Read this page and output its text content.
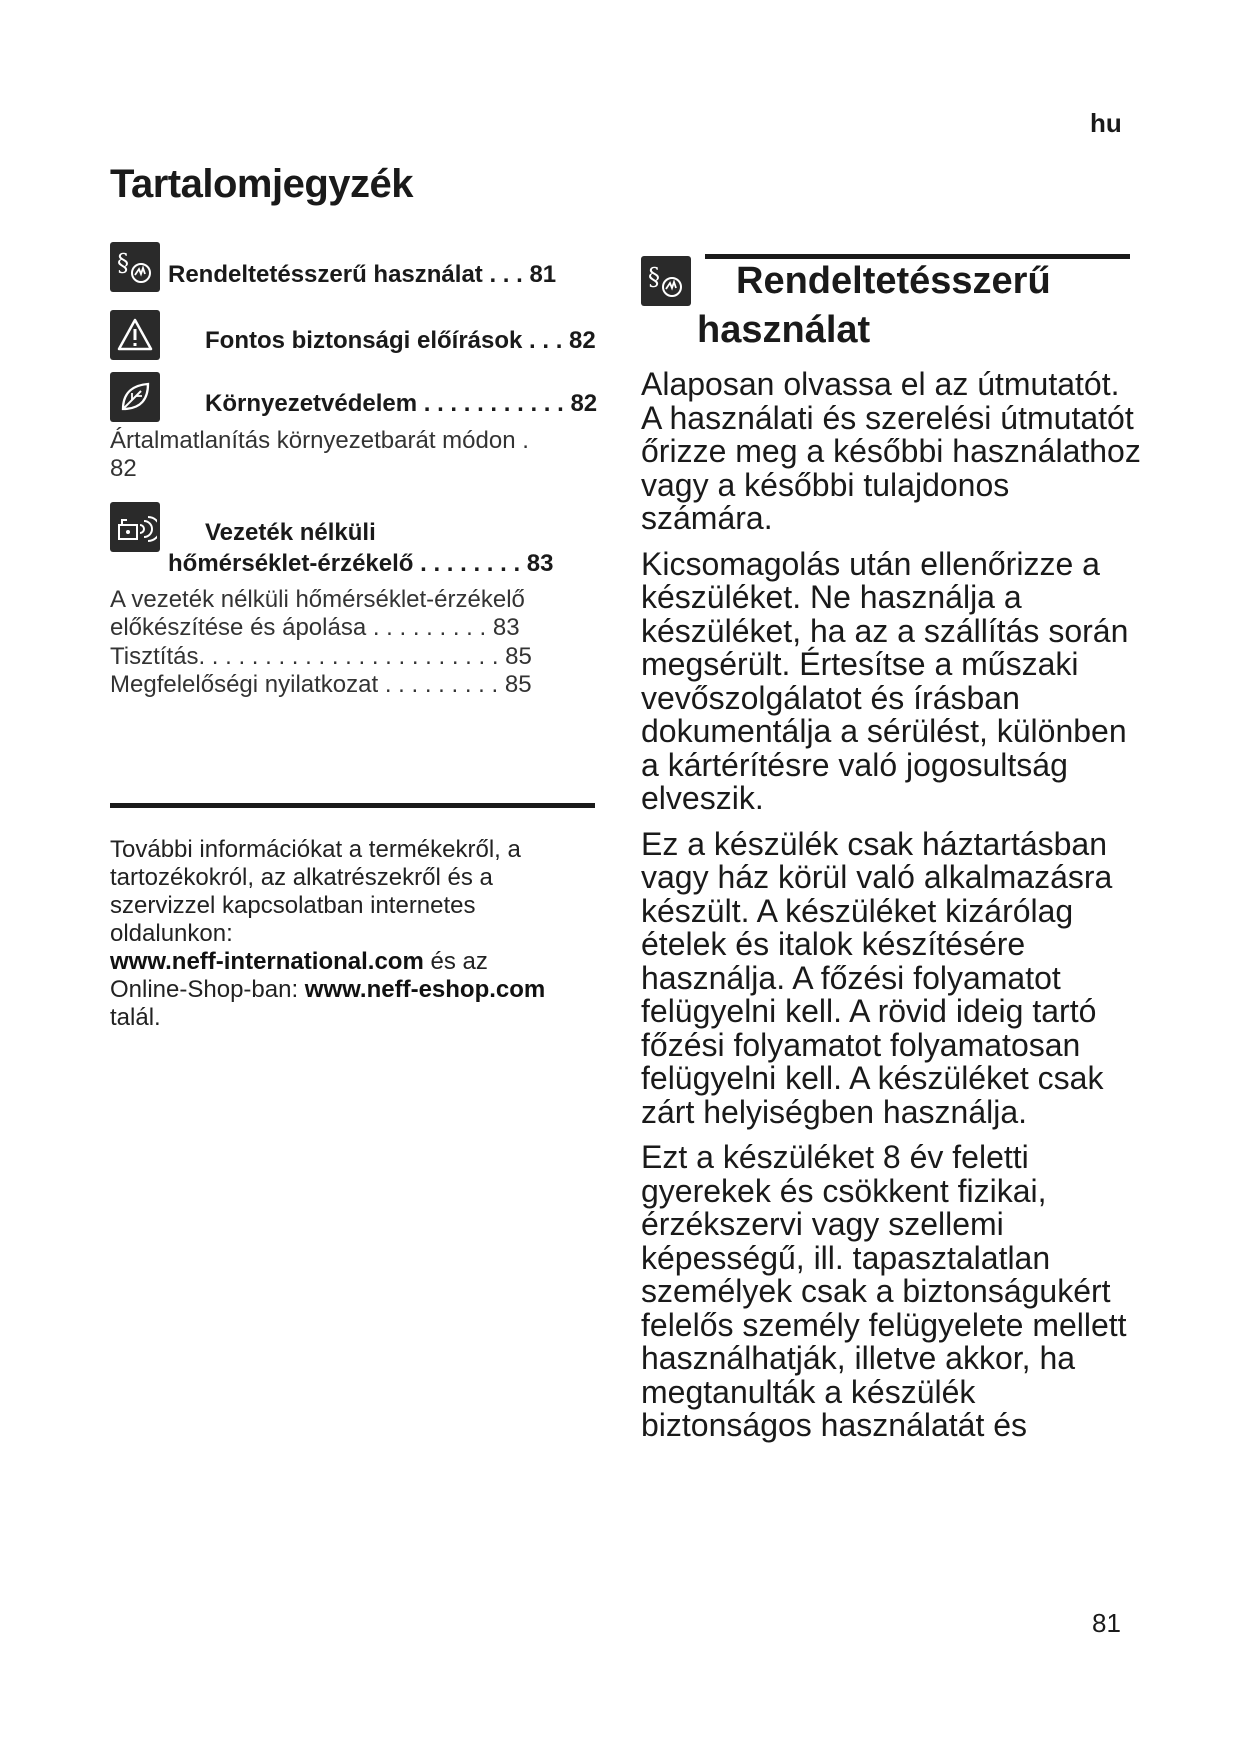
hu
Tartalomjegyzék
§ Rendeltetésszerű használat . . . 81
Fontos biztonsági előírások . . . 82
Környezetvédelem . . . . . . . . . . . 82
Ártalmatlanítás környezetbarát módon .
82
Vezeték nélküli
hőmérséklet-érzékelő . . . . . . . . 83
A vezeték nélküli hőmérséklet-érzékelő
előkészítése és ápolása . . . . . . . . . 83
Tisztítás. . . . . . . . . . . . . . . . . . . . . . . 85
Megfelelőségi nyilatkozat . . . . . . . . . 85
További információkat a termékekről, a
tartozékokról, az alkatrészekről és a
szervizzel kapcsolatban internetes
oldalunkon:
www.neff-international.com és az
Online-Shop-ban: www.neff-eshop.com
talál.
§ Rendeltetésszerű
használat

Alaposan olvassa el az útmutatót. A használati és szerelési útmutatót őrizze meg a későbbi használathoz vagy a későbbi tulajdonos számára.

Kicsomagolás után ellenőrizze a készüléket. Ne használja a készüléket, ha az a szállítás során megsérült. Értesítse a műszaki vevőszolgálatot és írásban dokumentálja a sérülést, különben a kártérítésre való jogosultság elveszik.

Ez a készülék csak háztartásban vagy ház körül való alkalmazásra készült. A készüléket kizárólag ételek és italok készítésére használja. A főzési folyamatot felügyelni kell. A rövid ideig tartó főzési folyamatot folyamatosan felügyelni kell. A készüléket csak zárt helyiségben használja.

Ezt a készüléket 8 év feletti gyerekek és csökkent fizikai, érzékszervi vagy szellemi képességű, ill. tapasztalatlan személyek csak a biztonságukért felelős személy felügyelete mellett használhatják, illetve akkor, ha megtanulták a készülék biztonságos használatát és

81
